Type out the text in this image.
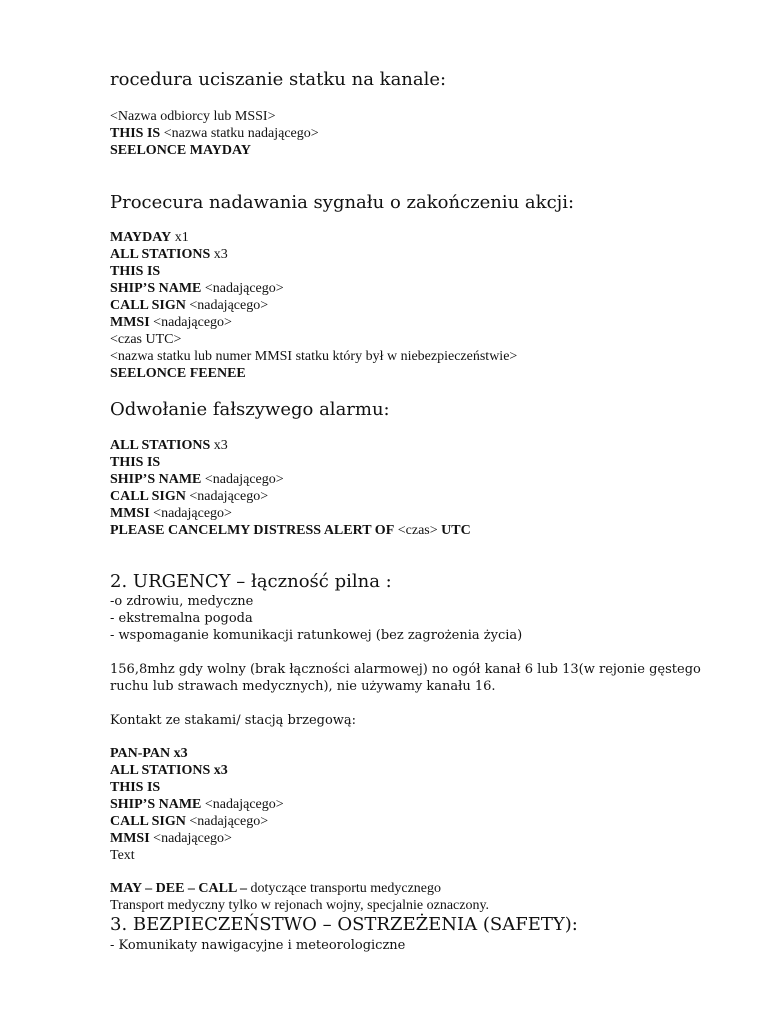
rocedura uciszanie statku na kanale:
<Nazwa odbiorcy lub MSSI>
THIS IS <nazwa statku nadającego>
SEELONCE MAYDAY
Procecura nadawania sygnału o zakończeniu akcji:
MAYDAY x1
ALL STATIONS x3
THIS IS
SHIP’S NAME <nadającego>
CALL SIGN <nadającego>
MMSI <nadającego>
<czas UTC>
<nazwa statku lub numer MMSI statku który był w niebezpieczeństwie>
SEELONCE FEENEE
Odwołanie fałszywego alarmu:
ALL STATIONS x3
THIS IS
SHIP’S NAME <nadającego>
CALL SIGN <nadającego>
MMSI <nadającego>
PLEASE CANCELMY DISTRESS ALERT OF <czas> UTC
2. URGENCY – łączność pilna :
-o zdrowiu, medyczne
- ekstremalna pogoda
- wspomaganie komunikacji ratunkowej (bez zagrożenia życia)
156,8mhz gdy wolny (brak łączności alarmowej) no ogół kanał 6 lub 13(w rejonie gęstego
ruchu lub strawach medycznych), nie używamy kanału 16.
Kontakt ze stakami/ stacją brzegową:
PAN-PAN x3
ALL STATIONS x3
THIS IS
SHIP’S NAME <nadającego>
CALL SIGN <nadającego>
MMSI <nadającego>
Text
MAY – DEE – CALL – dotyczące transportu medycznego
Transport medyczny tylko w rejonach wojny, specjalnie oznaczony.
3. BEZPIECZEŃSTWO – OSTRZEŻENIA (SAFETY):
- Komunikaty nawigacyjne i meteorologiczne
